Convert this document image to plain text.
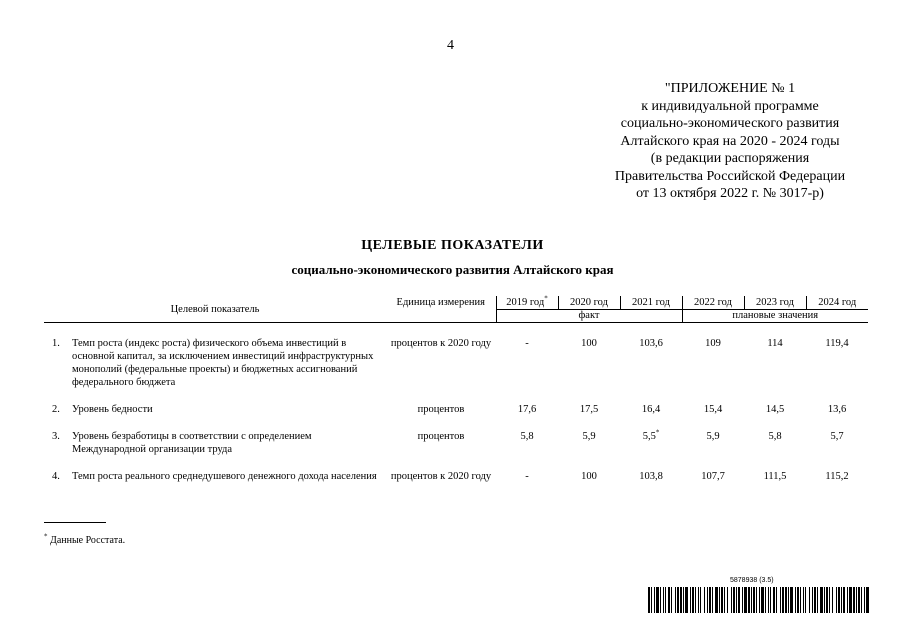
4
"ПРИЛОЖЕНИЕ № 1
к индивидуальной программе
социально-экономического развития
Алтайского края на 2020 - 2024 годы
(в редакции распоряжения
Правительства Российской Федерации
от 13 октября 2022 г. № 3017-р)
ЦЕЛЕВЫЕ ПОКАЗАТЕЛИ
социально-экономического развития Алтайского края
Целевой показатель		Единица измерения	2019 год*	2020 год	2021 год	2022 год	2023 год	2024 год
			факт			плановые значения		
1.	Темп роста (индекс роста) физического объема инвестиций в основной капитал, за исключением инвестиций инфраструктурных монополий (федеральные проекты) и бюджетных ассигнований федерального бюджета	процентов к 2020 году	-	100	103,6	109	114	119,4
2.	Уровень бедности	процентов	17,6	17,5	16,4	15,4	14,5	13,6
3.	Уровень безработицы в соответствии с определением Международной организации труда	процентов	5,8	5,9	5,5*	5,9	5,8	5,7
4.	Темп роста реального среднедушевого денежного дохода населения	процентов к 2020 году	-	100	103,8	107,7	111,5	115,2
* Данные Росстата.
5878938 (3.5)
